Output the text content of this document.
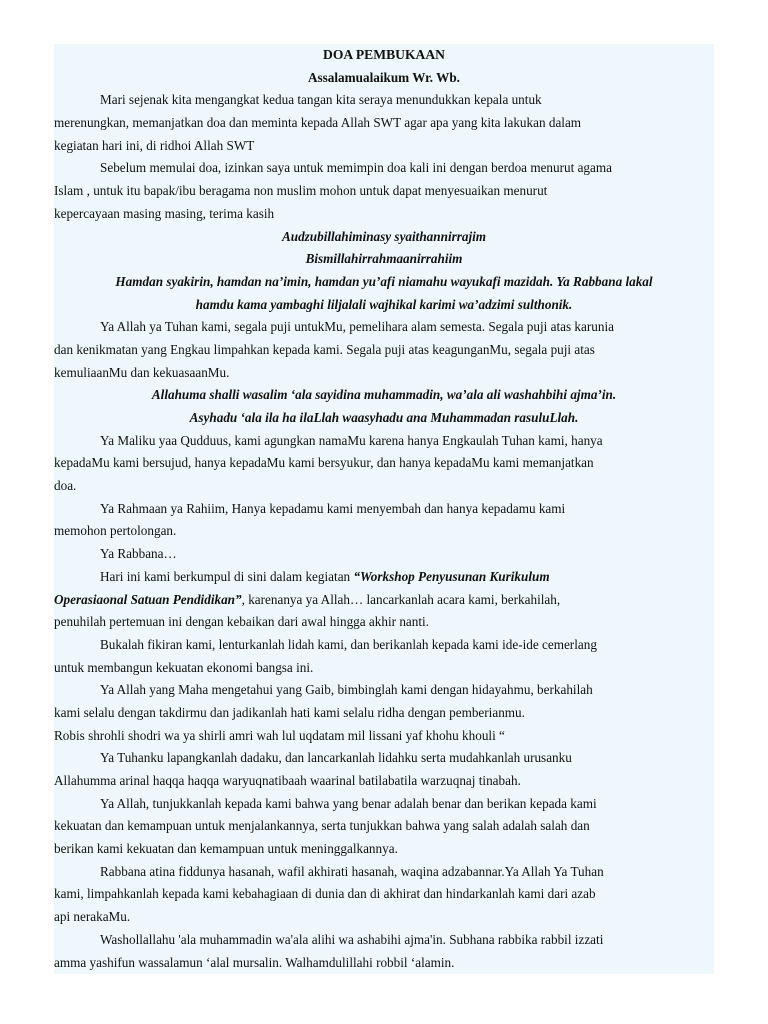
DOA PEMBUKAAN
Assalamualaikum Wr. Wb.
Mari sejenak kita mengangkat kedua tangan kita seraya menundukkan kepala untuk
merenungkan, memanjatkan doa dan meminta kepada Allah SWT agar apa yang kita lakukan dalam
kegiatan hari ini, di ridhoi Allah SWT
Sebelum memulai doa, izinkan saya untuk memimpin doa kali ini dengan berdoa menurut agama
Islam , untuk itu bapak/ibu beragama non muslim mohon untuk dapat menyesuaikan menurut
kepercayaan masing masing, terima kasih
Audzubillahiminasy syaithannirrajim
Bismillahirrahmaanirrahiim
Hamdan syakirin, hamdan na’imin, hamdan yu’afi niamahu wayukafi mazidah. Ya Rabbana lakal
hamdu kama yambaghi liljalali wajhikal karimi wa’adzimi sulthonik.
Ya Allah ya Tuhan kami, segala puji untukMu, pemelihara alam semesta. Segala puji atas karunia
dan kenikmatan yang Engkau limpahkan kepada kami. Segala puji atas keagunganMu, segala puji atas
kemuliaanMu dan kekuasaanMu.
Allahuma shalli wasalim ‘ala sayidina muhammadin, wa’ala ali washahbihi ajma’in.
Asyhadu ‘ala ila ha ilaLlah waasyhadu ana Muhammadan rasuluLlah.
Ya Maliku yaa Qudduus, kami agungkan namaMu karena hanya Engkaulah Tuhan kami, hanya
kepadaMu kami bersujud, hanya kepadaMu kami bersyukur, dan hanya kepadaMu kami memanjatkan
doa.
Ya Rahmaan ya Rahiim, Hanya kepadamu kami menyembah dan hanya kepadamu kami
memohon pertolongan.
Ya Rabbana…
Hari ini kami berkumpul di sini dalam kegiatan “Workshop Penyusunan Kurikulum
Operasiaonal Satuan Pendidikan”, karenanya ya Allah… lancarkanlah acara kami, berkahilah,
penuhilah pertemuan ini dengan kebaikan dari awal hingga akhir nanti.
Bukalah fikiran kami, lenturkanlah lidah kami, dan berikanlah kepada kami ide-ide cemerlang
untuk membangun kekuatan ekonomi bangsa ini.
Ya Allah yang Maha mengetahui yang Gaib, bimbinglah kami dengan hidayahmu, berkahilah
kami selalu dengan takdirmu dan jadikanlah hati kami selalu ridha dengan pemberianmu.
Robis shrohli shodri wa ya shirli amri wah lul uqdatam mil lissani yaf khohu khouli “
Ya Tuhanku lapangkanlah dadaku, dan lancarkanlah lidahku serta mudahkanlah urusanku
Allahumma arinal haqqa haqqa waryuqnatibaah waarinal batilabatila warzuqnaj tinabah.
Ya Allah, tunjukkanlah kepada kami bahwa yang benar adalah benar dan berikan kepada kami
kekuatan dan kemampuan untuk menjalankannya, serta tunjukkan bahwa yang salah adalah salah dan
berikan kami kekuatan dan kemampuan untuk meninggalkannya.
Rabbana atina fiddunya hasanah, wafil akhirati hasanah, waqina adzabannar.Ya Allah Ya Tuhan
kami, limpahkanlah kepada kami kebahagiaan di dunia dan di akhirat dan hindarkanlah kami dari azab
api nerakaMu.
Washollallahu 'ala muhammadin wa'ala alihi wa ashabihi ajma'in. Subhana rabbika rabbil izzati
amma yashifun wassalamun ‘alal mursalin. Walhamdulillahi robbil ‘alamin.
